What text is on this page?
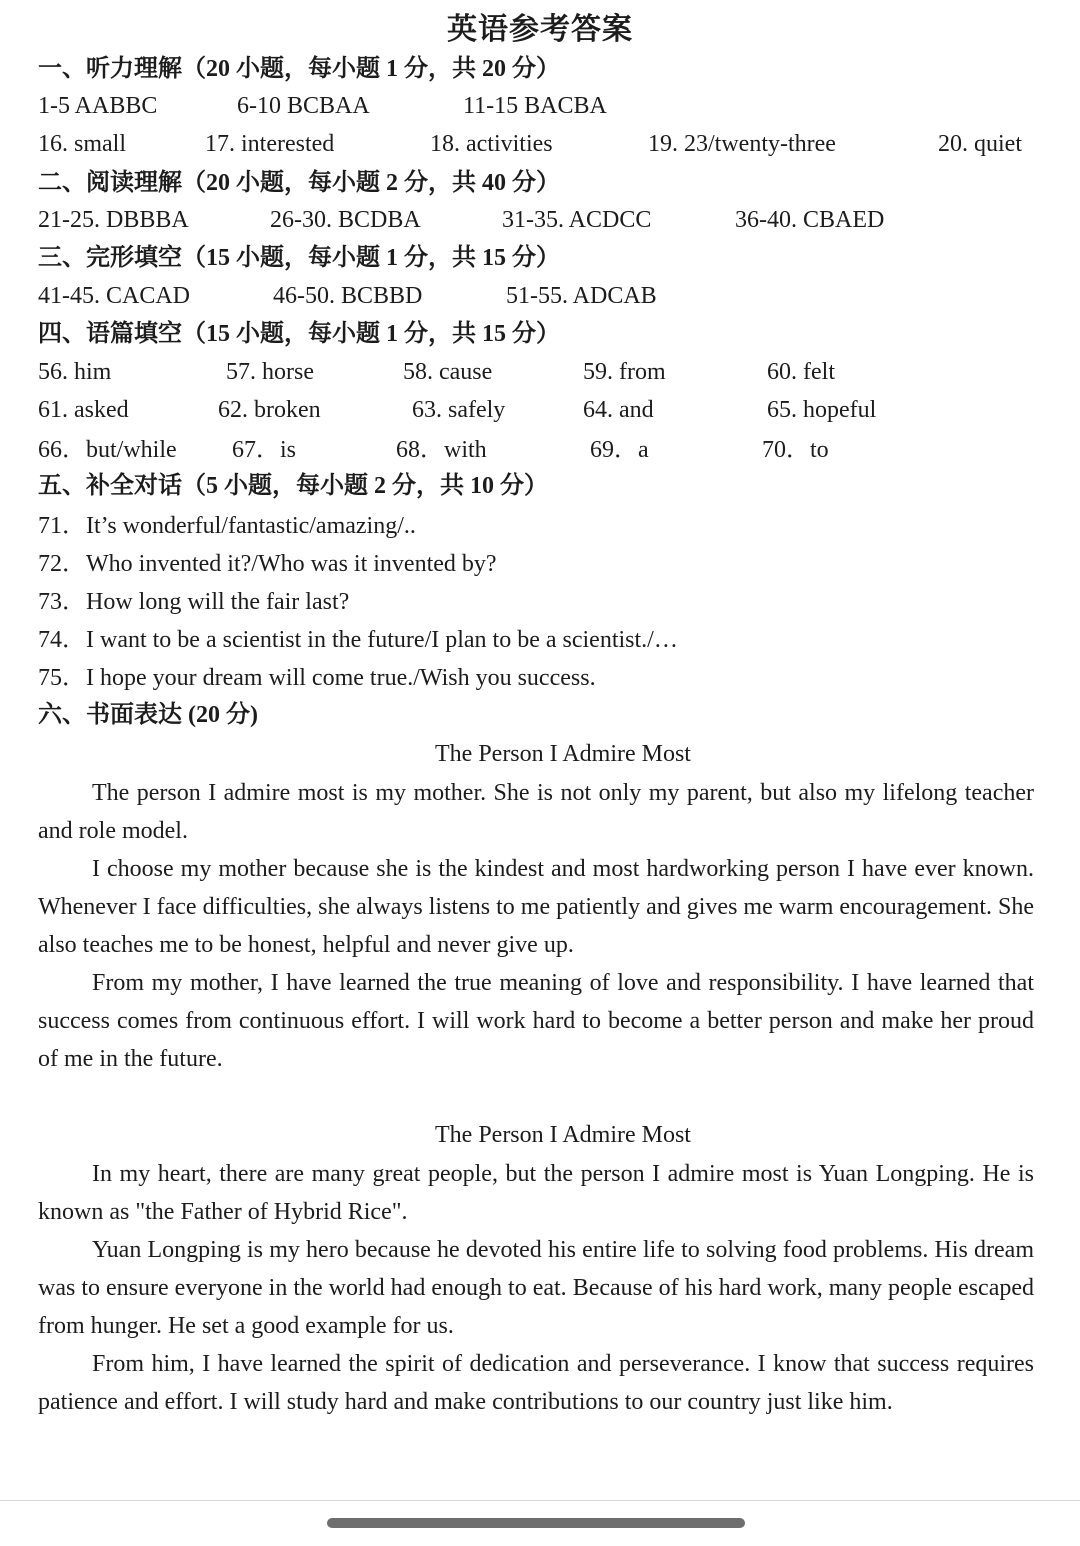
英语参考答案
一、听力理解（20 小题，每小题 1 分，共 20 分）
1-5 AABBC	6-10 BCBAA	11-15 BACBA
16. small	17. interested	18. activities	19. 23/twenty-three	20. quiet
二、阅读理解（20 小题，每小题 2 分，共 40 分）
21-25. DBBBA	26-30. BCDBA	31-35. ACDCC	36-40. CBAED
三、完形填空（15 小题，每小题 1 分，共 15 分）
41-45. CACAD	46-50. BCBBD	51-55. ADCAB
四、语篇填空（15 小题，每小题 1 分，共 15 分）
56. him	57. horse	58. cause	59. from	60. felt
61. asked	62. broken	63. safely	64. and	65. hopeful
66．but/while 67．is	68．with	69．a	70．to
五、补全对话（5 小题，每小题 2 分，共 10 分）
71．It’s wonderful/fantastic/amazing/..
72．Who invented it?/Who was it invented by?
73．How long will the fair last?
74．I want to be a scientist in the future/I plan to be a scientist./…
75．I hope your dream will come true./Wish you success.
六、书面表达 (20 分)
The Person I Admire Most
The person I admire most is my mother. She is not only my parent, but also my lifelong teacher and role model.
I choose my mother because she is the kindest and most hardworking person I have ever known. Whenever I face difficulties, she always listens to me patiently and gives me warm encouragement. She also teaches me to be honest, helpful and never give up.
From my mother, I have learned the true meaning of love and responsibility. I have learned that success comes from continuous effort. I will work hard to become a better person and make her proud of me in the future.
The Person I Admire Most
In my heart, there are many great people, but the person I admire most is Yuan Longping. He is known as "the Father of Hybrid Rice".
Yuan Longping is my hero because he devoted his entire life to solving food problems. His dream was to ensure everyone in the world had enough to eat. Because of his hard work, many people escaped from hunger. He set a good example for us.
From him, I have learned the spirit of dedication and perseverance. I know that success requires patience and effort. I will study hard and make contributions to our country just like him.
